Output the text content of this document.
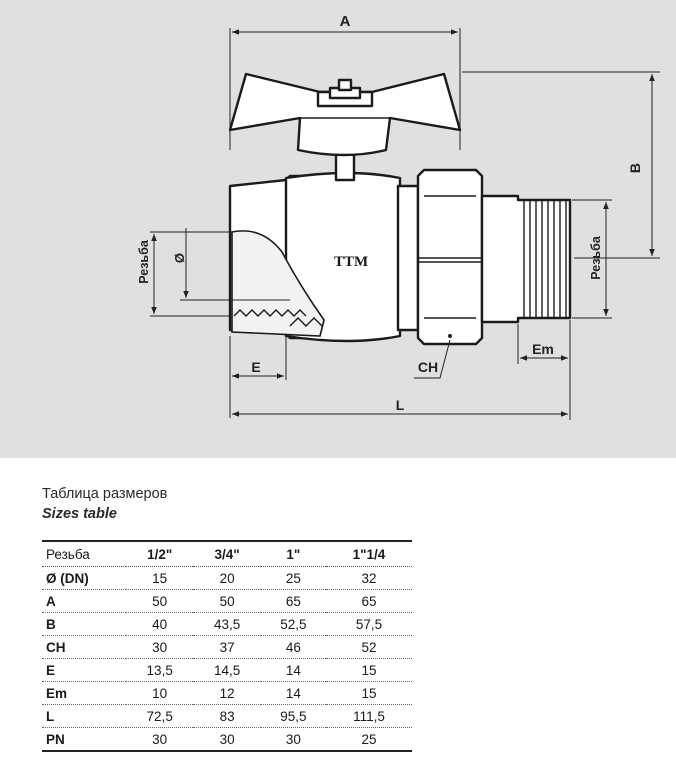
TTM
A
B
Резьба
Резьба Ø
E	CH
Em
L
Таблица размеров
Sizes table
Резьба	1/2"	3/4"	1"	1"1/4
Ø (DN)	15	20	25	32
A	50	50	65	65
B	40	43,5	52,5	57,5
CH	30	37	46	52
E	13,5	14,5	14	15
Em	10	12	14	15
L	72,5	83	95,5	111,5
PN	30	30	30	25
